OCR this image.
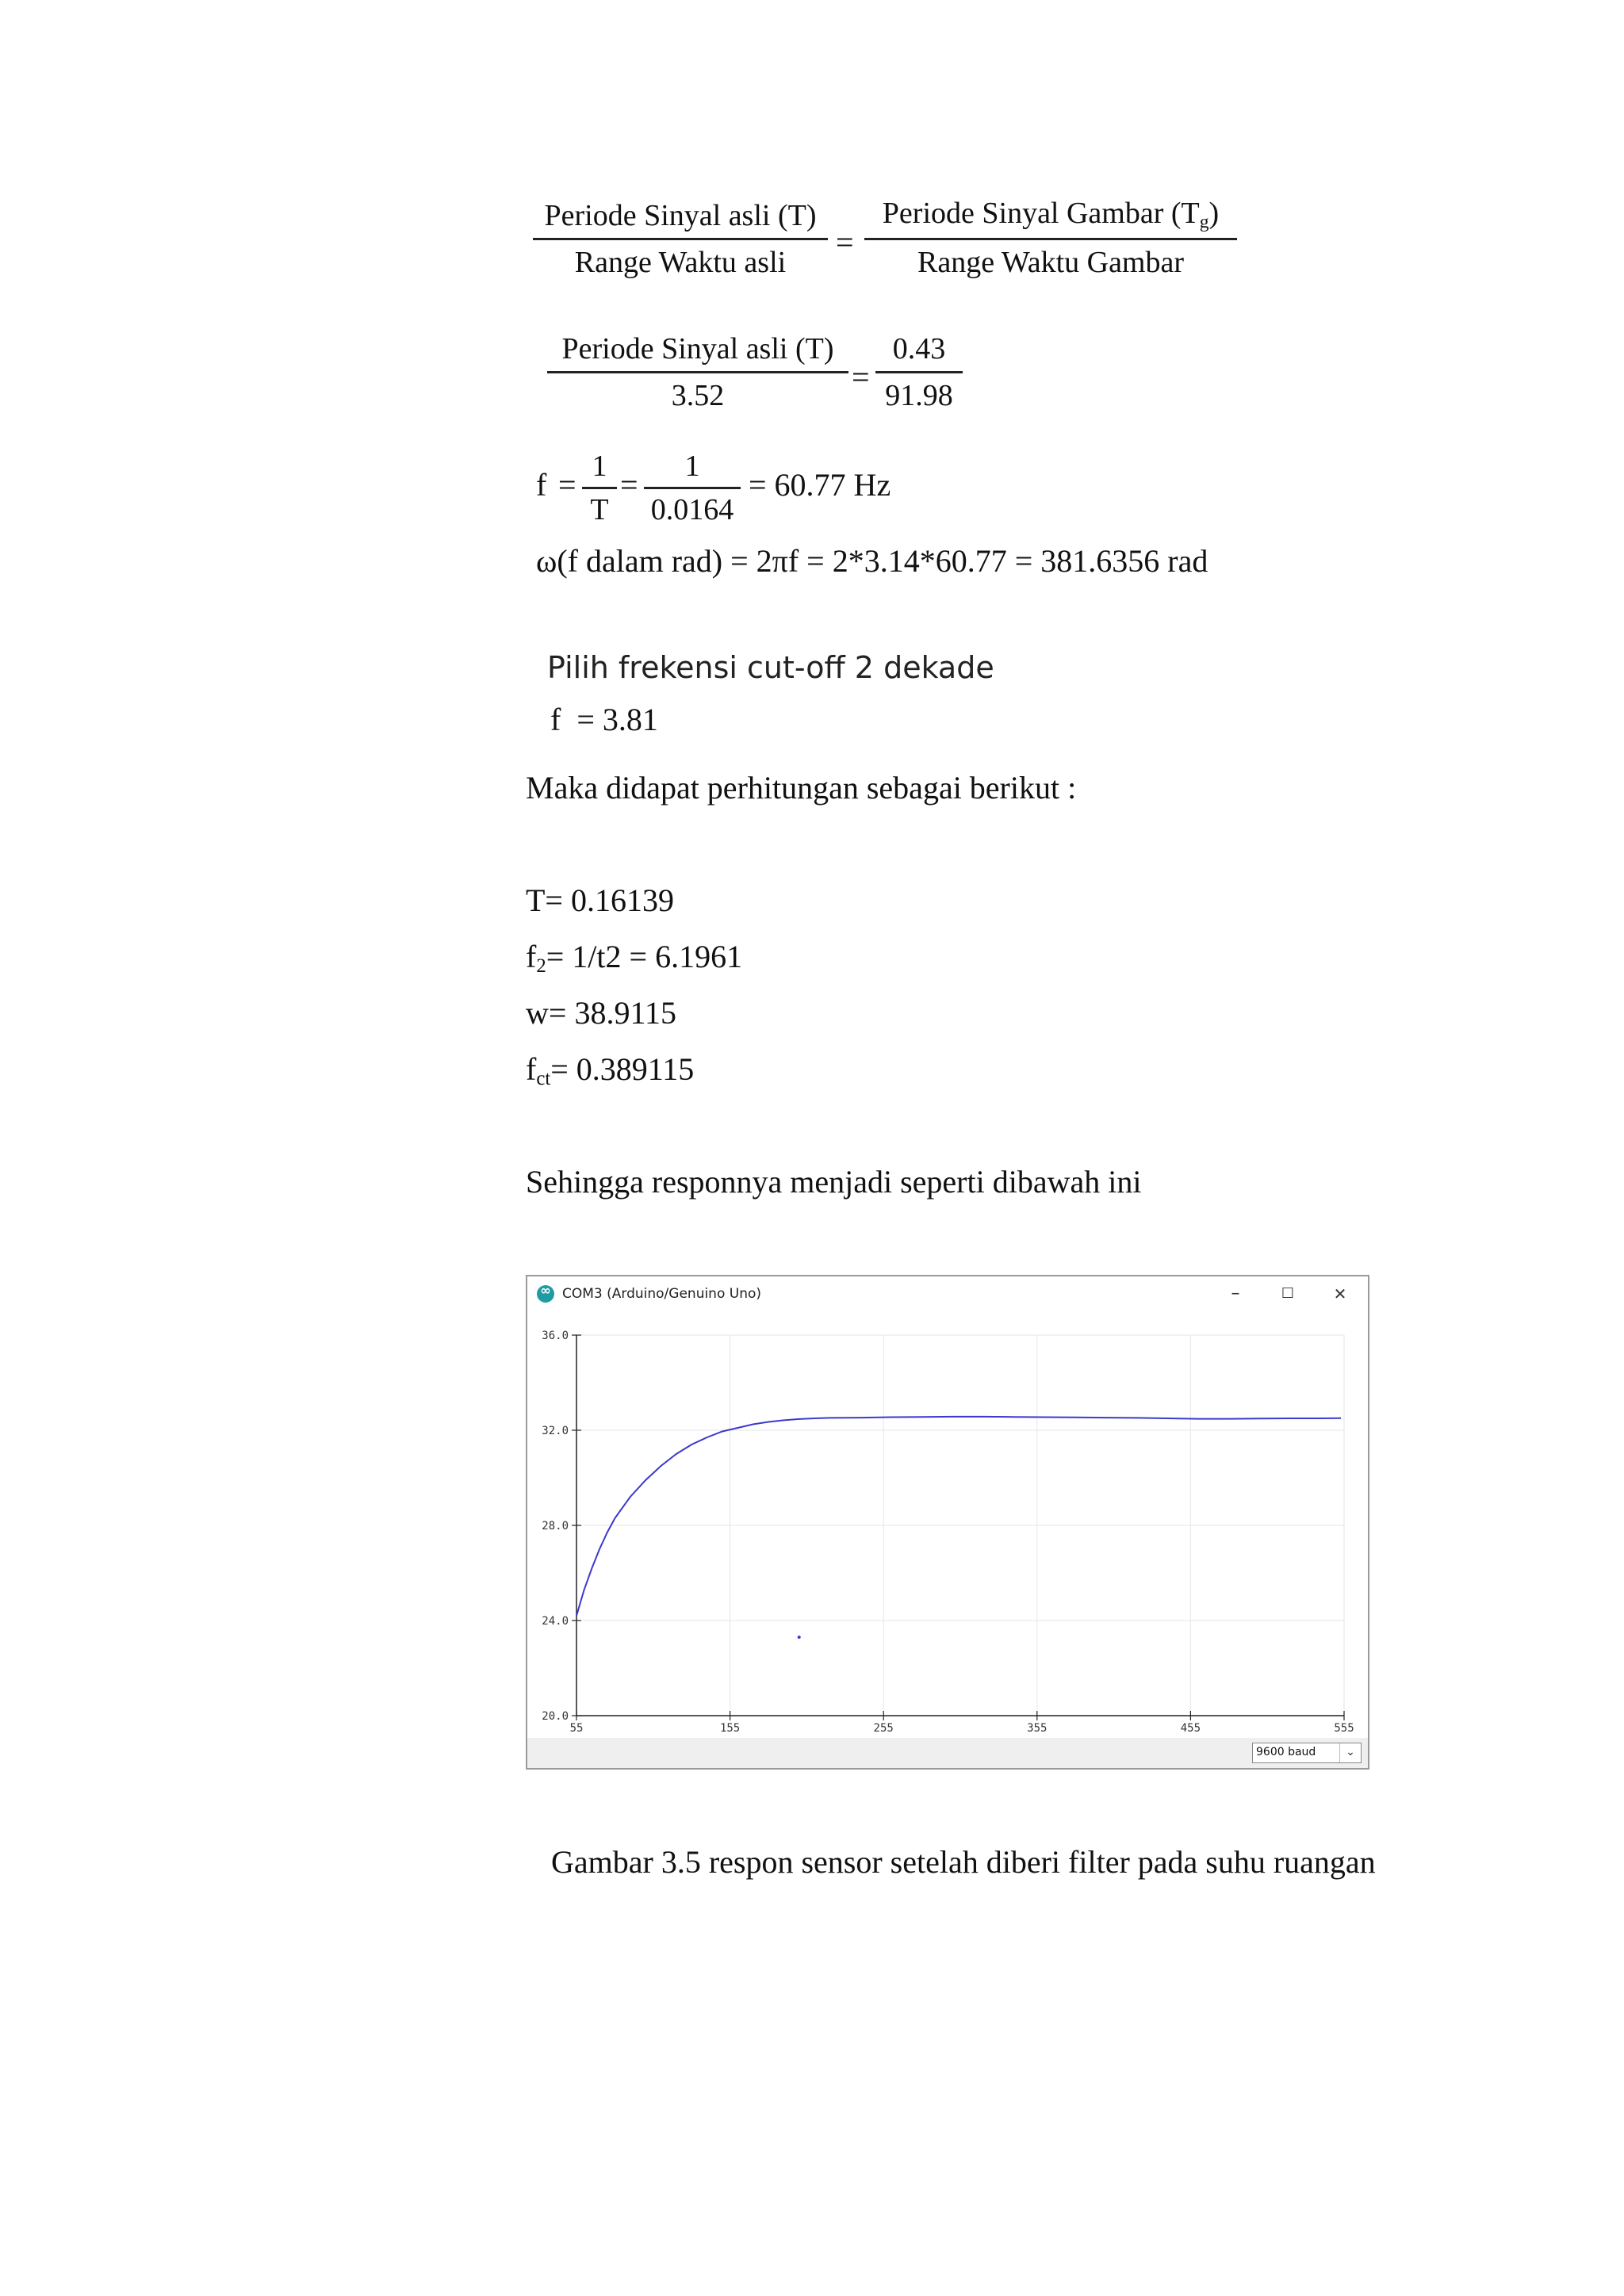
Periode Sinyal asli (T)
Range Waktu asli
=
Periode Sinyal Gambar $(T_g)$
Range Waktu Gambar
Periode Sinyal asli (T)
3.52
=
0.43
91.98
f =
1
T
=
1
0.0164
= 60.77 Hz
ω(f dalam rad) = 2πf = 2*3.14*60.77 = 381.6356 rad
Pilih frekensi cut-off 2 dekade
f  = 3.81
Maka didapat perhitungan sebagai berikut :
T= 0.16139
$f_2= 1/t2 = 6.1961$
w= 38.9115
$f_{ct}= 0.389115$
Sehingga responnya menjadi seperti dibawah ini
∞
COM3 (Arduino/Genuino Uno)	–	☐	✕
20.0
24.0
28.0
32.0
36.0
55	155	255	355	455	555
9600 baud	⌄
Gambar 3.5 respon sensor setelah diberi filter pada suhu ruangan
